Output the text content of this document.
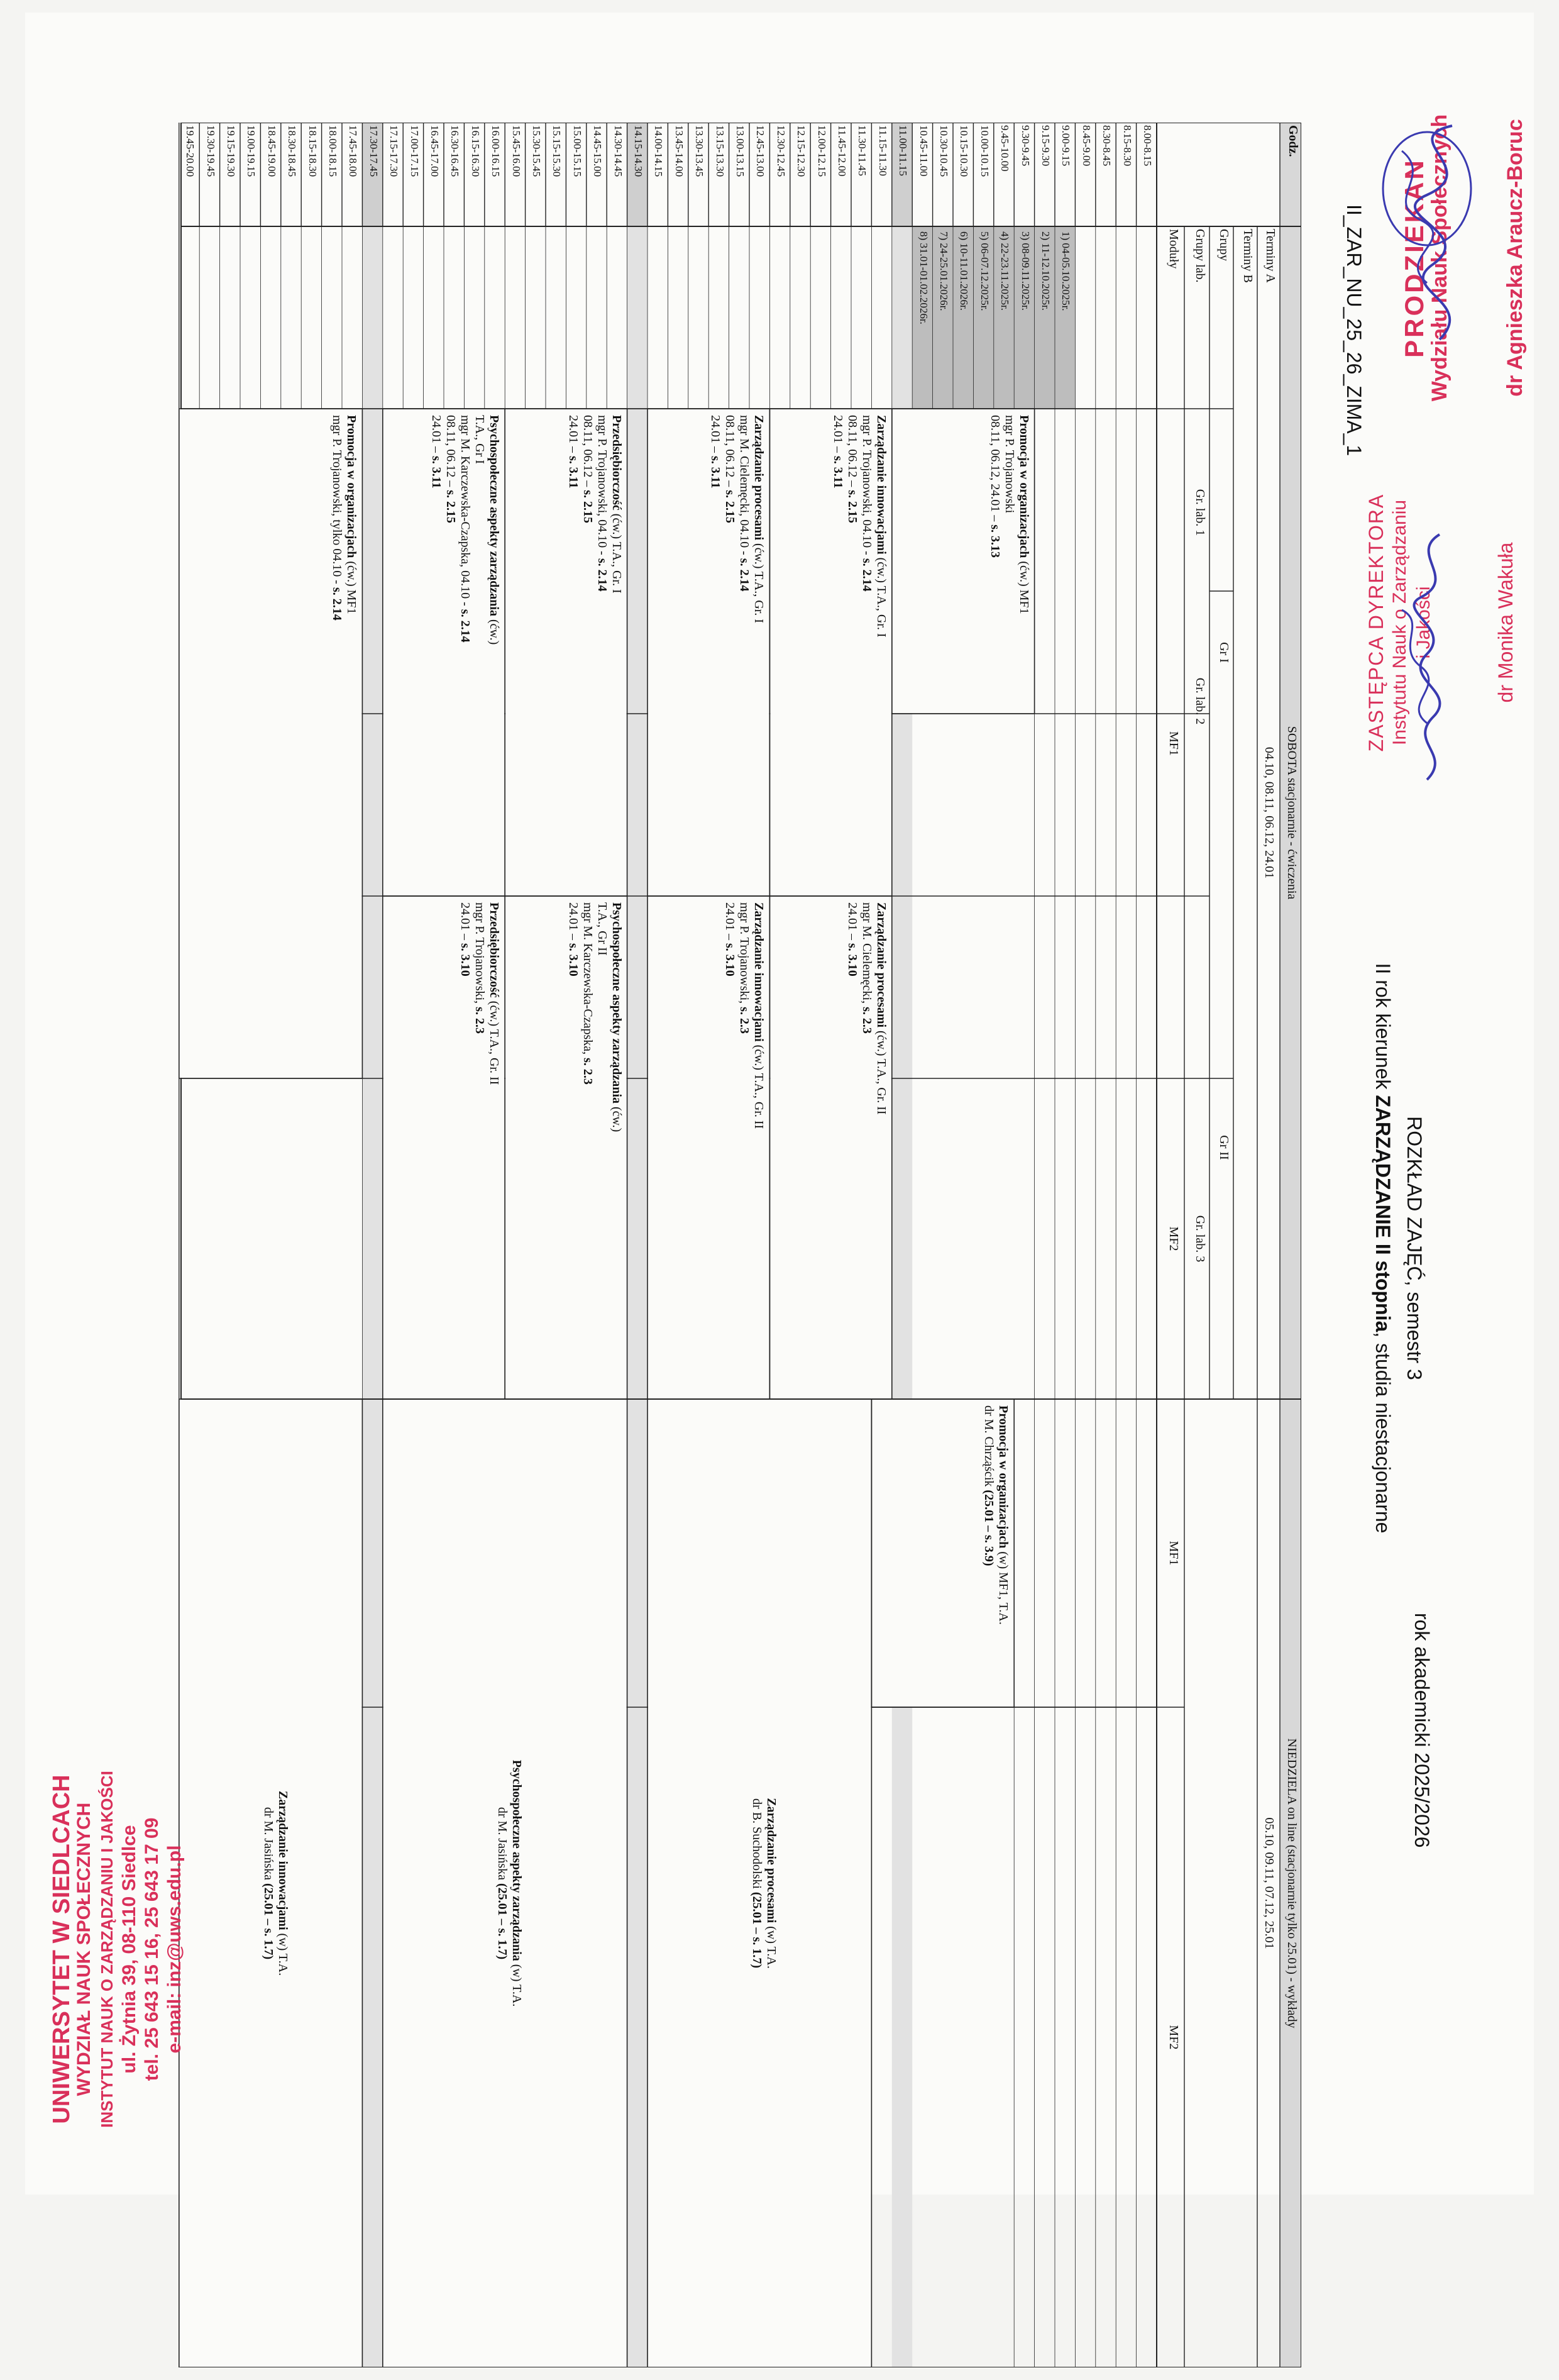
ROZKŁAD ZAJĘĆ, semestr 3
II rok kierunek ZARZĄDZANIE II stopnia, studia niestacjonarne
rok akademicki 2025/2026
II_ZAR_NU_25_26_ZIMA_1
Godz.
Terminy A
Terminy B
Grupy
Grupy lab.
Moduły
SOBOTA stacjonarnie - ćwiczenia
04.10, 08.11, 06.12, 24.01
Gr I
Gr II
Gr. lab. 1
Gr. lab. 2
Gr. lab. 3
MF1
MF2
NIEDZIELA on line (stacjonarnie tylko 25.01) - wykłady
05.10, 09.11, 07.12, 25.01
MF1
MF2
8.00-8.15
8.15-8.30
8.30-8.45
8.45-9.00
9.00-9.15
9.15-9.30
9.30-9.45
9.45-10.00
10.00-10.15
10.15-10.30
10.30-10.45
10.45-11.00
11.00-11.15
11.15-11.30
11.30-11.45
11.45-12.00
12.00-12.15
12.15-12.30
12.30-12.45
12.45-13.00
13.00-13.15
13.15-13.30
13.30-13.45
13.45-14.00
14.00-14.15
14.15-14.30
14.30-14.45
14.45-15.00
15.00-15.15
15.15-15.30
15.30-15.45
15.45-16.00
16.00-16.15
16.15-16.30
16.30-16.45
16.45-17.00
17.00-17.15
17.15-17.30
17.30-17.45
17.45-18.00
18.00-18.15
18.15-18.30
18.30-18.45
18.45-19.00
19.00-19.15
19.15-19.30
19.30-19.45
19.45-20.00
1) 04-05.10.2025r.
2) 11-12.10.2025r.
3) 08-09.11.2025r.
4) 22-23.11.2025r.
5) 06-07.12.2025r.
6) 10-11.01.2026r.
7) 24-25.01.2026r.
8) 31.01-01.02.2026r.
Promocja w organizacjach (ćw.) MF1
mgr P. Trojanowski
08.11, 06.12, 24.01 – s. 3.13
Zarządzanie innowacjami (ćw.) T.A., Gr. I
mgr P. Trojanowski, 04.10 - s. 2.14
08.11, 06.12 – s. 2.15
24.01 – s. 3.11
Zarządzanie procesami (ćw.) T.A., Gr. II
mgr M. Cielemęcki, s. 2.3
24.01 – s. 3.10
Zarządzanie procesami (ćw.) T.A., Gr. I
mgr M. Cielemęcki, 04.10 - s. 2.14
08.11, 06.12 – s. 2.15
24.01 – s. 3.11
Zarządzanie innowacjami (ćw.) T.A., Gr. II
mgr P. Trojanowski, s. 2.3
24.01 – s. 3.10
Przedsiębiorczość (ćw.) T.A., Gr. I
mgr P. Trojanowski, 04.10 - s. 2.14
08.11, 06.12 – s. 2.15
24.01 – s. 3.11
Psychospołeczne aspekty zarządzania (ćw.)
T.A., Gr II
mgr M. Karczewska-Czapska, s. 2.3
24.01 – s. 3.10
Psychospołeczne aspekty zarządzania (ćw.)
T.A., Gr I
mgr M. Karczewska-Czapska, 04.10 - s. 2.14
08.11, 06.12 – s. 2.15
24.01 – s. 3.11
Przedsiębiorczość (ćw.) T.A., Gr. II
mgr P. Trojanowski, s. 2.3
24.01 – s. 3.10
Promocja w organizacjach (ćw.) MF1
mgr P. Trojanowski, tylko 04.10 - s. 2.14
Promocja w organizacjach (w) MF1, T.A.
dr M. Chrząścik (25.01 – s. 3.9)
Zarządzanie procesami (w) T.A.
dr B. Suchodolski (25.01 – s. 1.7)
Psychospołeczne aspekty zarządzania (w) T.A.
dr M. Jasińska (25.01 – s. 1.7)
Zarządzanie innowacjami (w) T.A.
dr M. Jasińska (25.01 – s. 1.7)
UNIWERSYTET W SIEDLCACH
WYDZIAŁ NAUK SPOŁECZNYCH INSTYTUT NAUK O ZARZĄDZANIU I JAKOŚCI ul. Żytnia 39, 08-110 Siedlce tel. 25 643 15 16, 25 643 17 09 e-mail: inz@uws.edu.pl
ZASTĘPCA DYREKTORA Instytutu Nauk o Zarządzaniu i Jakości	dr Monika Wakuła
PRODZIEKAN
Wydziału Nauk Społecznych dr Agnieszka Araucz-Boruc
